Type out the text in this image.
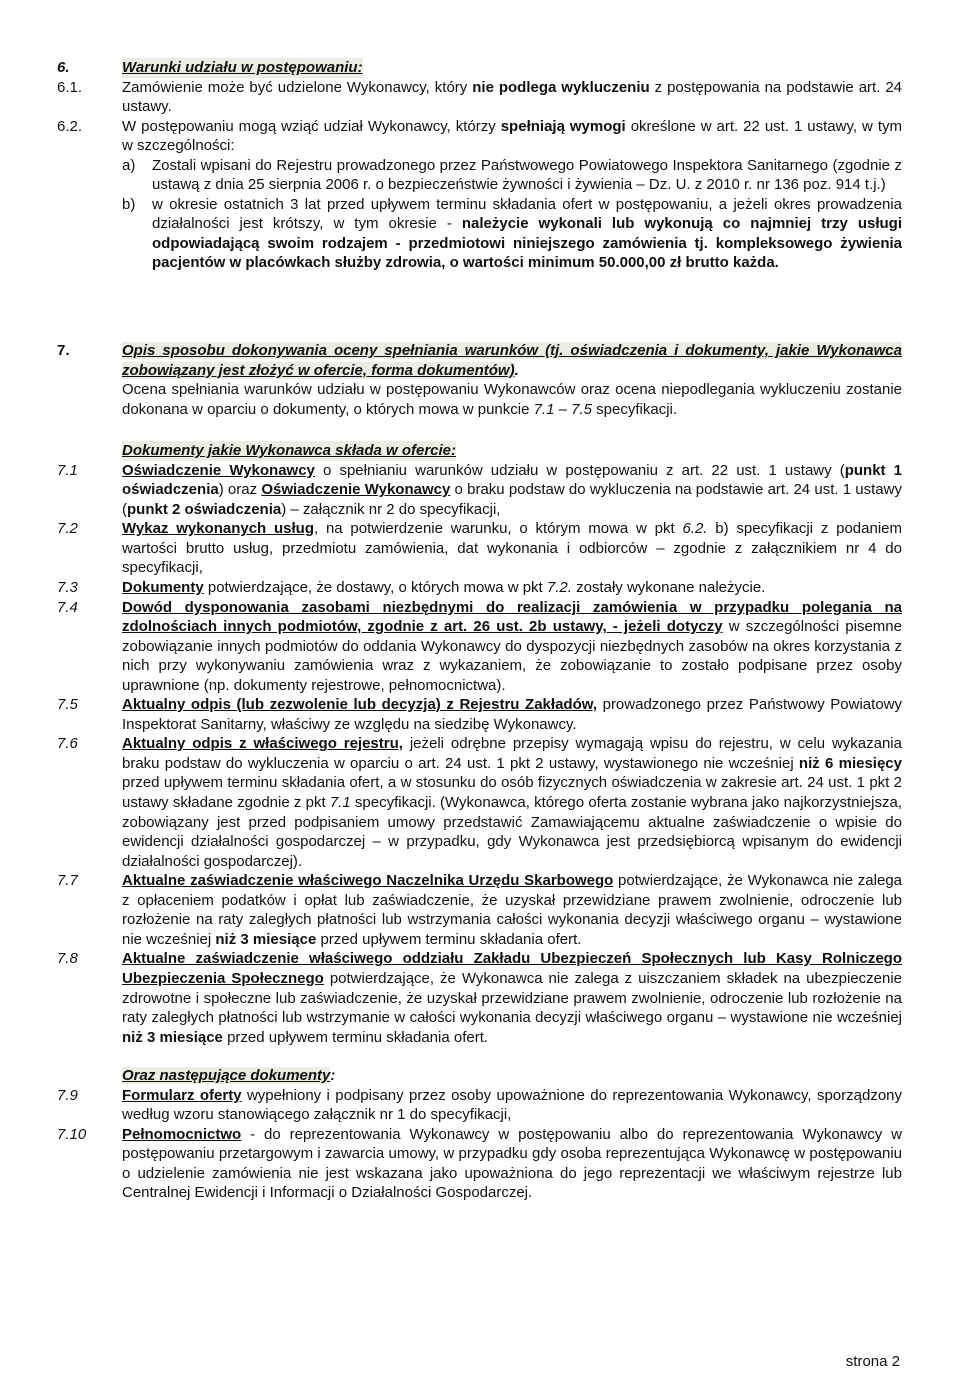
6.	Warunki udziału w postępowaniu:
6.1.	Zamówienie może być udzielone Wykonawcy, który nie podlega wykluczeniu z postępowania na podstawie art. 24 ustawy.
6.2.	W postępowaniu mogą wziąć udział Wykonawcy, którzy spełniają wymogi określone w art. 22 ust. 1 ustawy, w tym w szczególności:
a)	Zostali wpisani do Rejestru prowadzonego przez Państwowego Powiatowego Inspektora Sanitarnego (zgodnie z ustawą z dnia 25 sierpnia 2006 r. o bezpieczeństwie żywności i żywienia – Dz. U. z 2010 r. nr 136 poz. 914 t.j.)
b)	w okresie ostatnich 3 lat przed upływem terminu składania ofert w postępowaniu, a jeżeli okres prowadzenia działalności jest krótszy, w tym okresie - należycie wykonali lub wykonują co najmniej trzy usługi odpowiadającą swoim rodzajem - przedmiotowi niniejszego zamówienia tj. kompleksowego żywienia pacjentów w placówkach służby zdrowia, o wartości minimum 50.000,00 zł brutto każda.
7.	Opis sposobu dokonywania oceny spełniania warunków (tj. oświadczenia i dokumenty, jakie Wykonawca zobowiązany jest złożyć w ofercie, forma dokumentów).
Ocena spełniania warunków udziału w postępowaniu Wykonawców oraz ocena niepodlegania wykluczeniu zostanie dokonana w oparciu o dokumenty, o których mowa w punkcie 7.1 – 7.5 specyfikacji.
Dokumenty jakie Wykonawca składa w ofercie:
7.1	Oświadczenie Wykonawcy o spełnianiu warunków udziału w postępowaniu z art. 22 ust. 1 ustawy (punkt 1 oświadczenia) oraz Oświadczenie Wykonawcy o braku podstaw do wykluczenia na podstawie art. 24 ust. 1 ustawy (punkt 2 oświadczenia) – załącznik nr 2 do specyfikacji,
7.2	Wykaz wykonanych usług, na potwierdzenie warunku, o którym mowa w pkt 6.2. b) specyfikacji z podaniem wartości brutto usług, przedmiotu zamówienia, dat wykonania i odbiorców – zgodnie z załącznikiem nr 4 do specyfikacji,
7.3	Dokumenty potwierdzające, że dostawy, o których mowa w pkt 7.2. zostały wykonane należycie.
7.4	Dowód dysponowania zasobami niezbędnymi do realizacji zamówienia w przypadku polegania na zdolnościach innych podmiotów, zgodnie z art. 26 ust. 2b ustawy, - jeżeli dotyczy w szczególności pisemne zobowiązanie innych podmiotów do oddania Wykonawcy do dyspozycji niezbędnych zasobów na okres korzystania z nich przy wykonywaniu zamówienia wraz z wykazaniem, że zobowiązanie to zostało podpisane przez osoby uprawnione (np. dokumenty rejestrowe, pełnomocnictwa).
7.5	Aktualny odpis (lub zezwolenie lub decyzja) z Rejestru Zakładów, prowadzonego przez Państwowy Powiatowy Inspektorat Sanitarny, właściwy ze względu na siedzibę Wykonawcy.
7.6	Aktualny odpis z właściwego rejestru, jeżeli odrębne przepisy wymagają wpisu do rejestru, w celu wykazania braku podstaw do wykluczenia w oparciu o art. 24 ust. 1 pkt 2 ustawy, wystawionego nie wcześniej niż 6 miesięcy przed upływem terminu składania ofert, a w stosunku do osób fizycznych oświadczenia w zakresie art. 24 ust. 1 pkt 2 ustawy składane zgodnie z pkt 7.1 specyfikacji. (Wykonawca, którego oferta zostanie wybrana jako najkorzystniejsza, zobowiązany jest przed podpisaniem umowy przedstawić Zamawiającemu aktualne zaświadczenie o wpisie do ewidencji działalności gospodarczej – w przypadku, gdy Wykonawca jest przedsiębiorcą wpisanym do ewidencji działalności gospodarczej).
7.7	Aktualne zaświadczenie właściwego Naczelnika Urzędu Skarbowego potwierdzające, że Wykonawca nie zalega z opłaceniem podatków i opłat lub zaświadczenie, że uzyskał przewidziane prawem zwolnienie, odroczenie lub rozłożenie na raty zaległych płatności lub wstrzymania całości wykonania decyzji właściwego organu – wystawione nie wcześniej niż 3 miesiące przed upływem terminu składania ofert.
7.8	Aktualne zaświadczenie właściwego oddziału Zakładu Ubezpieczeń Społecznych lub Kasy Rolniczego Ubezpieczenia Społecznego potwierdzające, że Wykonawca nie zalega z uiszczaniem składek na ubezpieczenie zdrowotne i społeczne lub zaświadczenie, że uzyskał przewidziane prawem zwolnienie, odroczenie lub rozłożenie na raty zaległych płatności lub wstrzymanie w całości wykonania decyzji właściwego organu – wystawione nie wcześniej niż 3 miesiące przed upływem terminu składania ofert.
Oraz następujące dokumenty:
7.9	Formularz oferty wypełniony i podpisany przez osoby upoważnione do reprezentowania Wykonawcy, sporządzony według wzoru stanowiącego załącznik nr 1 do specyfikacji,
7.10	Pełnomocnictwo - do reprezentowania Wykonawcy w postępowaniu albo do reprezentowania Wykonawcy w postępowaniu przetargowym i zawarcia umowy, w przypadku gdy osoba reprezentująca Wykonawcę w postępowaniu o udzielenie zamówienia nie jest wskazana jako upoważniona do jego reprezentacji we właściwym rejestrze lub Centralnej Ewidencji i Informacji o Działalności Gospodarczej.
strona 2
